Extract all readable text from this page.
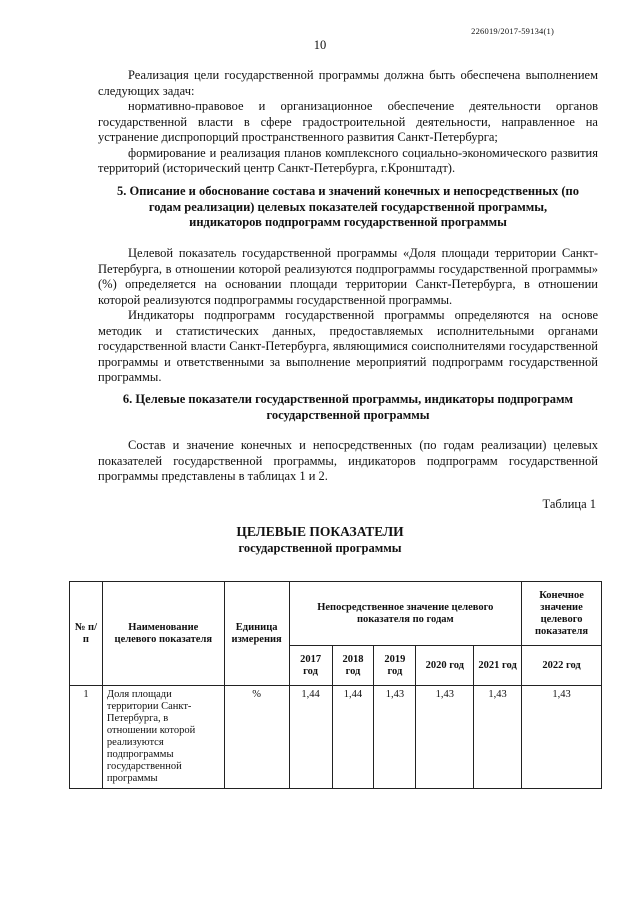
226019/2017-59134(1)
10

Реализация цели государственной программы должна быть обеспечена выполнением следующих задач:

нормативно-правовое и организационное обеспечение деятельности органов государственной власти в сфере градостроительной деятельности, направленное на устранение диспропорций пространственного развития Санкт-Петербурга;

формирование и реализация планов комплексного социально-экономического развития территорий (исторический центр Санкт-Петербурга, г.Кронштадт).

5. Описание и обоснование состава и значений конечных и непосредственных (по годам реализации) целевых показателей государственной программы, индикаторов подпрограмм государственной программы

Целевой показатель государственной программы «Доля площади территории Санкт-Петербурга, в отношении которой реализуются подпрограммы государственной программы» (%) определяется на основании площади территории Санкт-Петербурга, в отношении которой реализуются подпрограммы государственной программы.

Индикаторы подпрограмм государственной программы определяются на основе методик и статистических данных, предоставляемых исполнительными органами государственной власти Санкт-Петербурга, являющимися соисполнителями государственной программы и ответственными за выполнение мероприятий подпрограмм государственной программы.

6. Целевые показатели государственной программы, индикаторы подпрограмм государственной программы

Состав и значение конечных и непосредственных (по годам реализации) целевых показателей государственной программы, индикаторов подпрограмм государственной программы представлены в таблицах 1 и 2.

Таблица 1
ЦЕЛЕВЫЕ ПОКАЗАТЕЛИ
государственной программы
№ п/п	Наименование целевого показателя	Единица измерения	Непосредственное значение целевого показателя по годам					Конечное значение целевого показателя
			2017 год	2018 год	2019 год	2020 год	2021 год	2022 год
1	Доля площади территории Санкт-Петербурга, в отношении которой реализуются подпрограммы государственной программы	%	1,44	1,44	1,43	1,43	1,43	1,43
